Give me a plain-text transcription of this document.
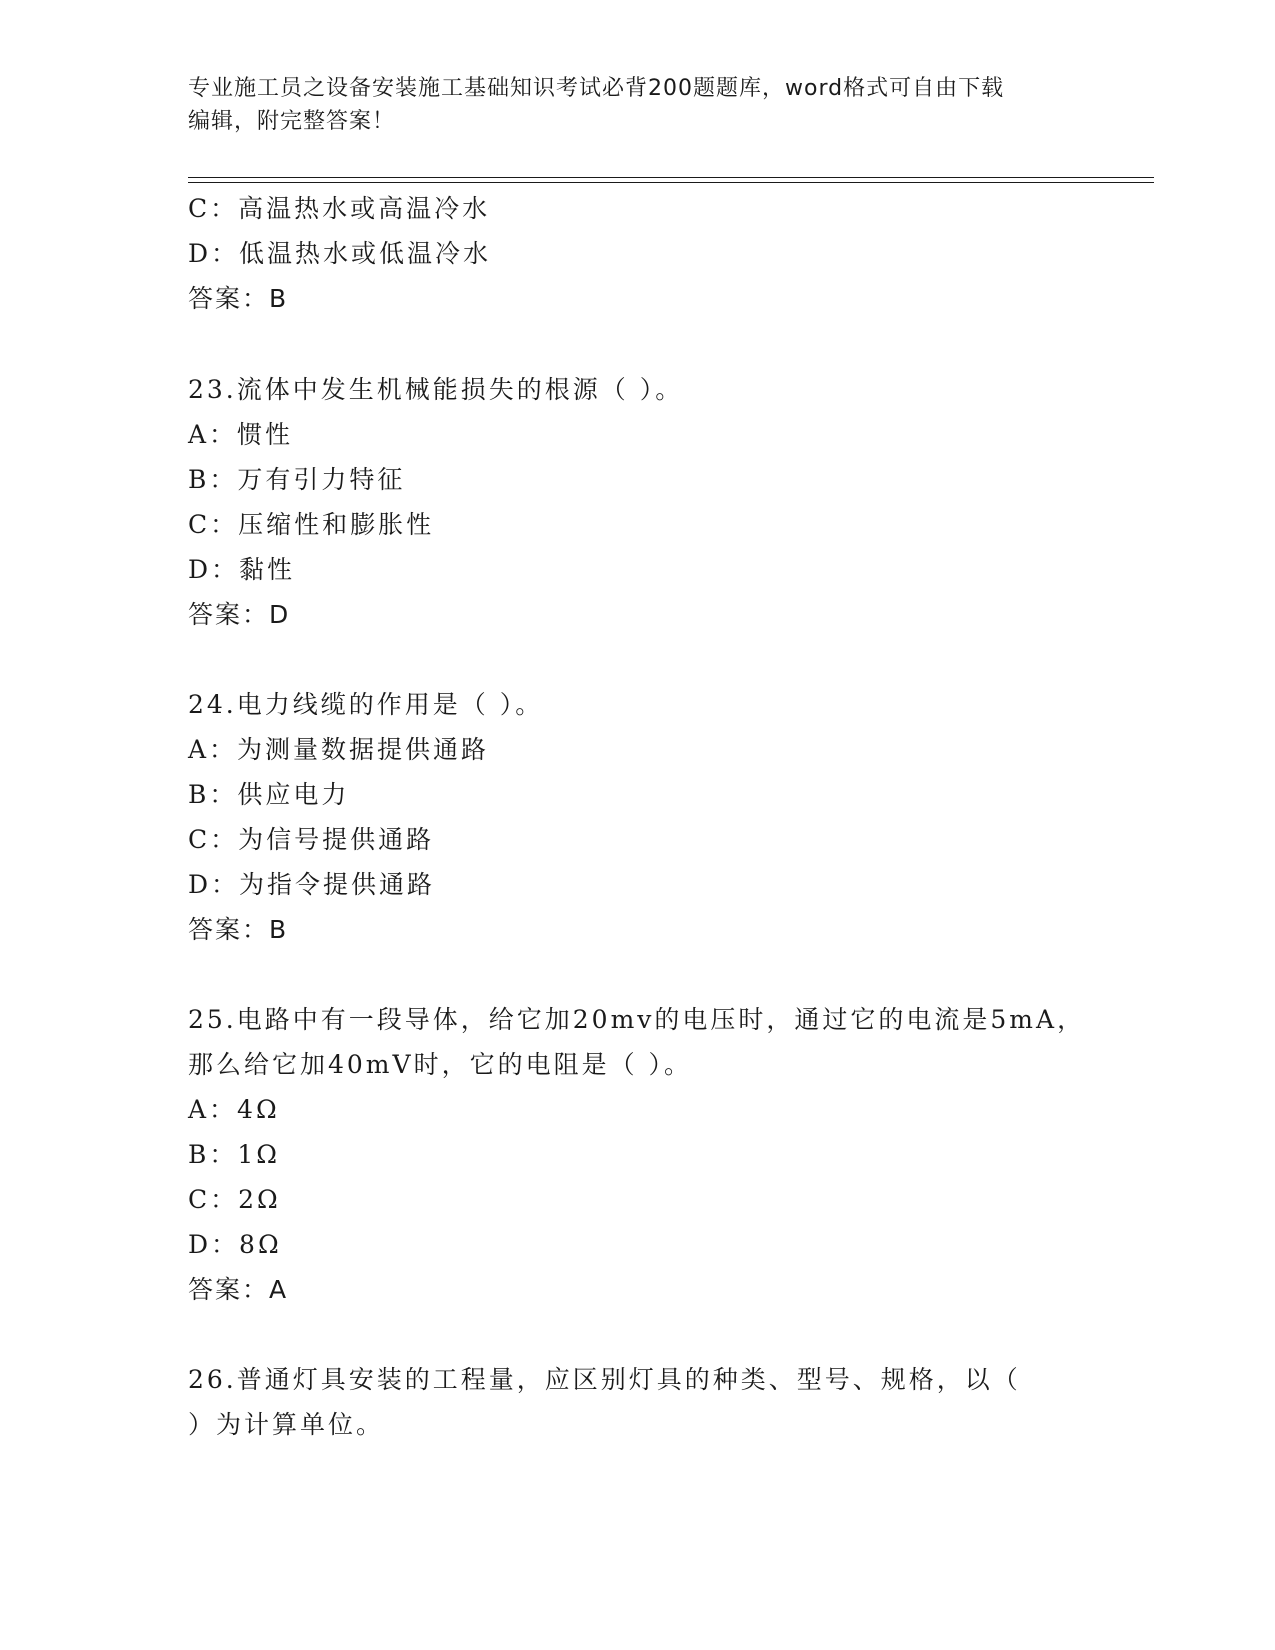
专业施工员之设备安装施工基础知识考试必背200题题库，word格式可自由下载
编辑，附完整答案！
C：高温热水或高温冷水
D：低温热水或低温冷水
答案：B
23.流体中发生机械能损失的根源（ ）。
A：惯性
B：万有引力特征
C：压缩性和膨胀性
D：黏性
答案：D
24.电力线缆的作用是（ ）。
A：为测量数据提供通路
B：供应电力
C：为信号提供通路
D：为指令提供通路
答案：B
25.电路中有一段导体，给它加20mv的电压时，通过它的电流是5mA，
那么给它加40mV时，它的电阻是（ ）。
A：4Ω
B：1Ω
C：2Ω
D：8Ω
答案：A
26.普通灯具安装的工程量，应区别灯具的种类、型号、规格，以（
）为计算单位。
